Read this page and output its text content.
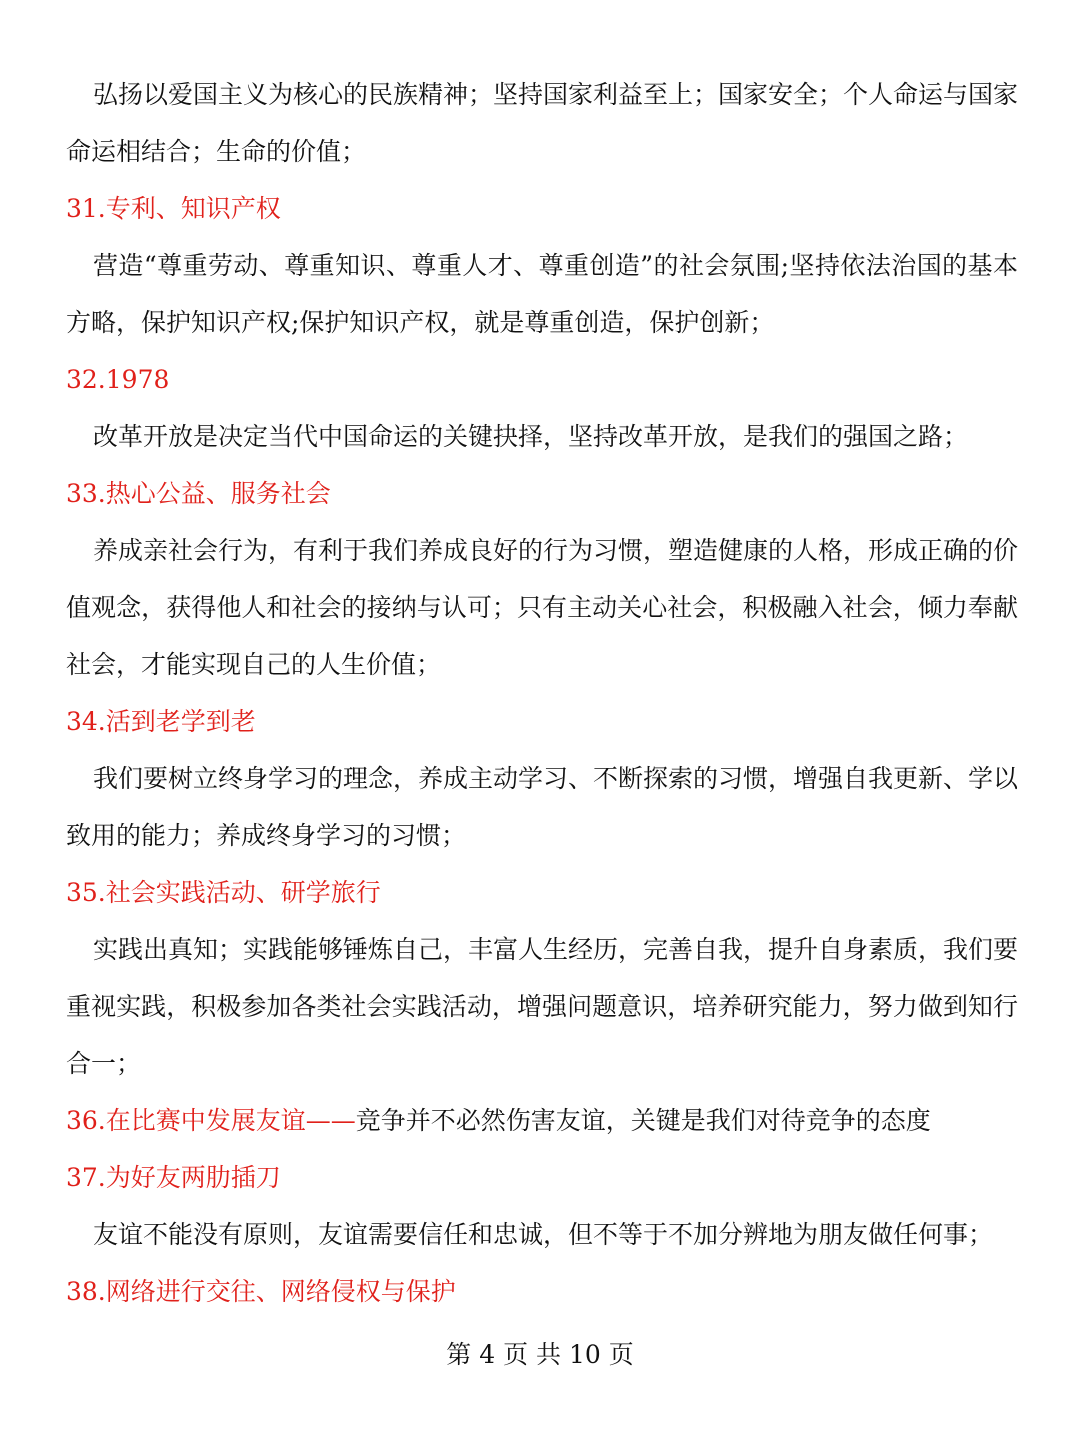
弘扬以爱国主义为核心的民族精神；坚持国家利益至上；国家安全；个人命运与国家命运相结合；生命的价值；

31.专利、知识产权

营造“尊重劳动、尊重知识、尊重人才、尊重创造”的社会氛围;坚持依法治国的基本方略，保护知识产权;保护知识产权，就是尊重创造，保护创新；

32.1978

改革开放是决定当代中国命运的关键抉择，坚持改革开放，是我们的强国之路；

33.热心公益、服务社会

养成亲社会行为，有利于我们养成良好的行为习惯，塑造健康的人格，形成正确的价值观念，获得他人和社会的接纳与认可；只有主动关心社会，积极融入社会，倾力奉献社会，才能实现自己的人生价值；

34.活到老学到老

我们要树立终身学习的理念，养成主动学习、不断探索的习惯，增强自我更新、学以致用的能力；养成终身学习的习惯；

35.社会实践活动、研学旅行

实践出真知；实践能够锤炼自己，丰富人生经历，完善自我，提升自身素质，我们要重视实践，积极参加各类社会实践活动，增强问题意识，培养研究能力，努力做到知行合一；

36.在比赛中发展友谊——竞争并不必然伤害友谊，关键是我们对待竞争的态度

37.为好友两肋插刀

友谊不能没有原则，友谊需要信任和忠诚，但不等于不加分辨地为朋友做任何事；

38.网络进行交往、网络侵权与保护

第 4 页 共 10 页
